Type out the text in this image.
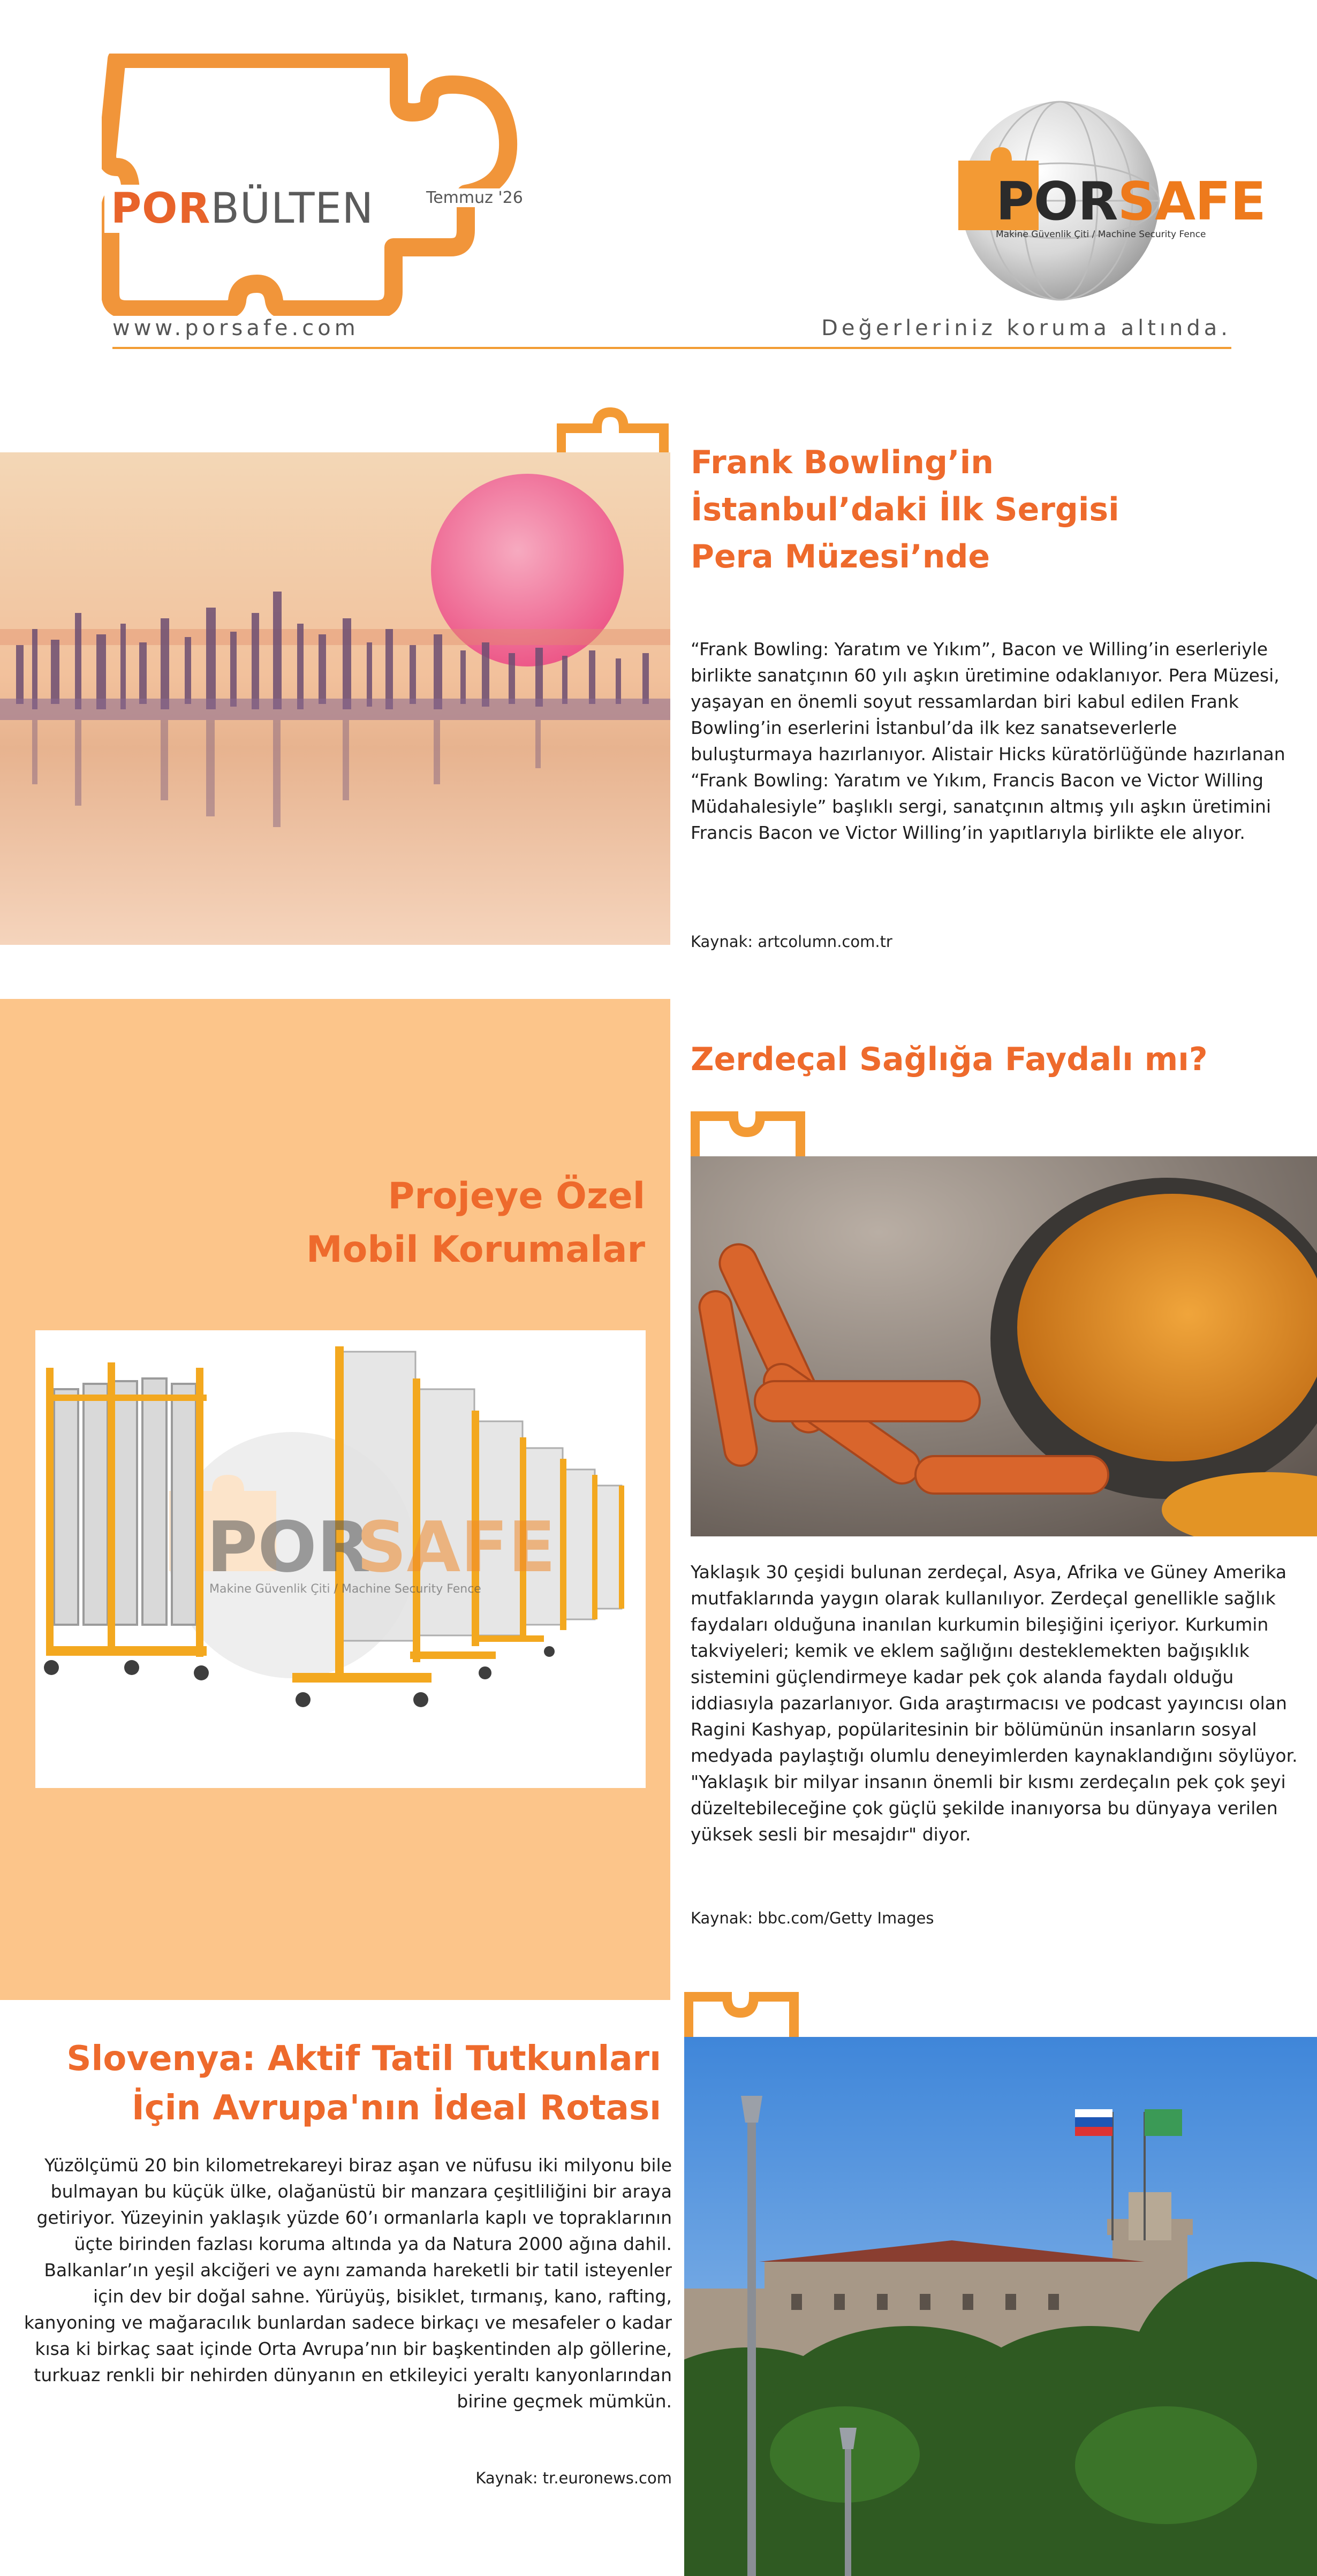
PORBÜLTEN	Temmuz '26	PORSAFE
Makine Güvenlik Çiti / Machine Security Fence
www.porsafe.com	Değerleriniz koruma altında.
Frank Bowling’in
İstanbul’daki İlk Sergisi
Pera Müzesi’nde

“Frank Bowling: Yaratım ve Yıkım”, Bacon ve Willing’in eserleriyle birlikte sanatçının 60 yılı aşkın üretimine odaklanıyor. Pera Müzesi, yaşayan en önemli soyut ressamlardan biri kabul edilen Frank Bowling’in eserlerini İstanbul’da ilk kez sanatseverlerle buluşturmaya hazırlanıyor. Alistair Hicks küratörlüğünde hazırlanan “Frank Bowling: Yaratım ve Yıkım, Francis Bacon ve Victor Willing Müdahalesiyle” başlıklı sergi, sanatçının altmış yılı aşkın üretimini Francis Bacon ve Victor Willing’in yapıtlarıyla birlikte ele alıyor.

Kaynak: artcolumn.com.tr
Projeye Özel
Mobil Korumalar
POR
SAFE
Makine Güvenlik Çiti / Machine Security Fence
Zerdeçal Sağlığa Faydalı mı?

Yaklaşık 30 çeşidi bulunan zerdeçal, Asya, Afrika ve Güney Amerika mutfaklarında yaygın olarak kullanılıyor. Zerdeçal genellikle sağlık faydaları olduğuna inanılan kurkumin bileşiğini içeriyor. Kurkumin takviyeleri; kemik ve eklem sağlığını desteklemekten bağışıklık sistemini güçlendirmeye kadar pek çok alanda faydalı olduğu iddiasıyla pazarlanıyor. Gıda araştırmacısı ve podcast yayıncısı olan Ragini Kashyap, popülaritesinin bir bölümünün insanların sosyal medyada paylaştığı olumlu deneyimlerden kaynaklandığını söylüyor. "Yaklaşık bir milyar insanın önemli bir kısmı zerdeçalın pek çok şeyi düzeltebileceğine çok güçlü şekilde inanıyorsa bu dünyaya verilen yüksek sesli bir mesajdır" diyor.

Kaynak: bbc.com/Getty Images
Slovenya: Aktif Tatil Tutkunları
İçin Avrupa'nın İdeal Rotası

Yüzölçümü 20 bin kilometrekareyi biraz aşan ve nüfusu iki milyonu bile bulmayan bu küçük ülke, olağanüstü bir manzara çeşitliliğini bir araya getiriyor. Yüzeyinin yaklaşık yüzde 60’ı ormanlarla kaplı ve topraklarının üçte birinden fazlası koruma altında ya da Natura 2000 ağına dahil. Balkanlar’ın yeşil akciğeri ve aynı zamanda hareketli bir tatil isteyenler için dev bir doğal sahne. Yürüyüş, bisiklet, tırmanış, kano, rafting, kanyoning ve mağaracılık bunlardan sadece birkaçı ve mesafeler o kadar kısa ki birkaç saat içinde Orta Avrupa’nın bir başkentinden alp göllerine, turkuaz renkli bir nehirden dünyanın en etkileyici yeraltı kanyonlarından birine geçmek mümkün.

Kaynak: tr.euronews.com
